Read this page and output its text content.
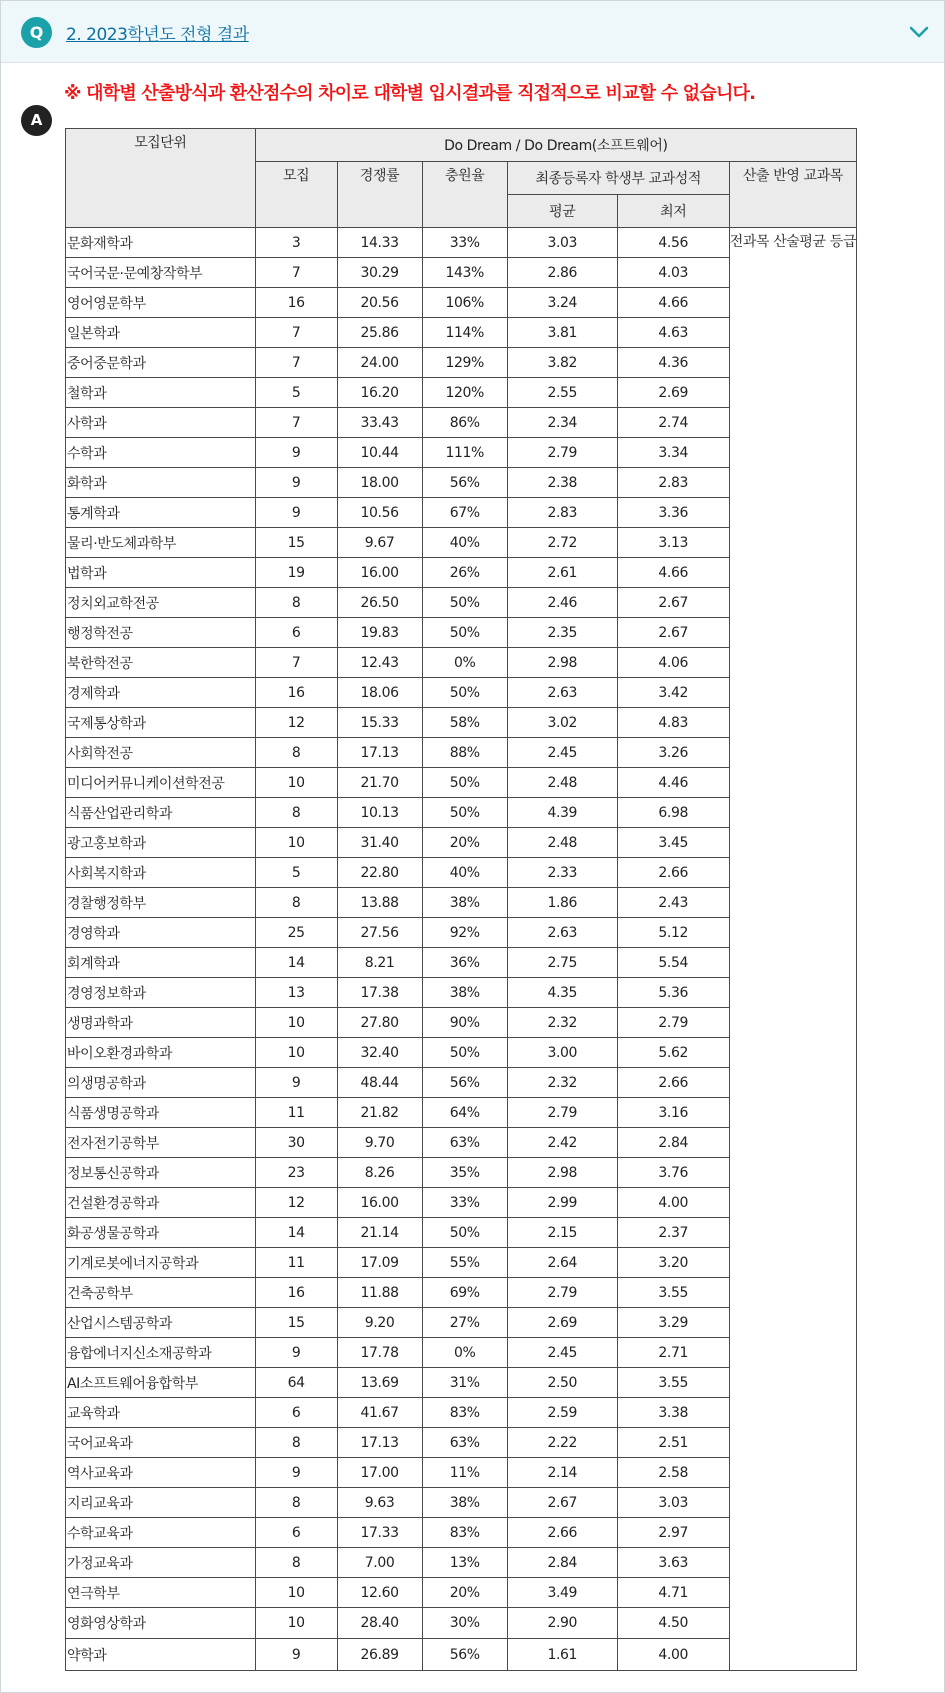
Q	2. 2023학년도 전형 결과
※ 대학별 산출방식과 환산점수의 차이로 대학별 입시결과를 직접적으로 비교할 수 없습니다.
A
모집단위	Do Dream / Do Dream(소프트웨어)					
	모집	경쟁률	충원율	최종등록자 학생부 교과성적		산출 반영 교과목
				평균	최저	
문화재학과	3	14.33	33%	3.03	4.56	전과목 산술평균 등급
국어국문·문예창작학부	7	30.29	143%	2.86	4.03	
영어영문학부	16	20.56	106%	3.24	4.66	
일본학과	7	25.86	114%	3.81	4.63	
중어중문학과	7	24.00	129%	3.82	4.36	
철학과	5	16.20	120%	2.55	2.69	
사학과	7	33.43	86%	2.34	2.74	
수학과	9	10.44	111%	2.79	3.34	
화학과	9	18.00	56%	2.38	2.83	
통계학과	9	10.56	67%	2.83	3.36	
물리·반도체과학부	15	9.67	40%	2.72	3.13	
법학과	19	16.00	26%	2.61	4.66	
정치외교학전공	8	26.50	50%	2.46	2.67	
행정학전공	6	19.83	50%	2.35	2.67	
북한학전공	7	12.43	0%	2.98	4.06	
경제학과	16	18.06	50%	2.63	3.42	
국제통상학과	12	15.33	58%	3.02	4.83	
사회학전공	8	17.13	88%	2.45	3.26	
미디어커뮤니케이션학전공	10	21.70	50%	2.48	4.46	
식품산업관리학과	8	10.13	50%	4.39	6.98	
광고홍보학과	10	31.40	20%	2.48	3.45	
사회복지학과	5	22.80	40%	2.33	2.66	
경찰행정학부	8	13.88	38%	1.86	2.43	
경영학과	25	27.56	92%	2.63	5.12	
회계학과	14	8.21	36%	2.75	5.54	
경영정보학과	13	17.38	38%	4.35	5.36	
생명과학과	10	27.80	90%	2.32	2.79	
바이오환경과학과	10	32.40	50%	3.00	5.62	
의생명공학과	9	48.44	56%	2.32	2.66	
식품생명공학과	11	21.82	64%	2.79	3.16	
전자전기공학부	30	9.70	63%	2.42	2.84	
정보통신공학과	23	8.26	35%	2.98	3.76	
건설환경공학과	12	16.00	33%	2.99	4.00	
화공생물공학과	14	21.14	50%	2.15	2.37	
기계로봇에너지공학과	11	17.09	55%	2.64	3.20	
건축공학부	16	11.88	69%	2.79	3.55	
산업시스템공학과	15	9.20	27%	2.69	3.29	
융합에너지신소재공학과	9	17.78	0%	2.45	2.71	
AI소프트웨어융합학부	64	13.69	31%	2.50	3.55	
교육학과	6	41.67	83%	2.59	3.38	
국어교육과	8	17.13	63%	2.22	2.51	
역사교육과	9	17.00	11%	2.14	2.58	
지리교육과	8	9.63	38%	2.67	3.03	
수학교육과	6	17.33	83%	2.66	2.97	
가정교육과	8	7.00	13%	2.84	3.63	
연극학부	10	12.60	20%	3.49	4.71	
영화영상학과	10	28.40	30%	2.90	4.50	
약학과	9	26.89	56%	1.61	4.00	
